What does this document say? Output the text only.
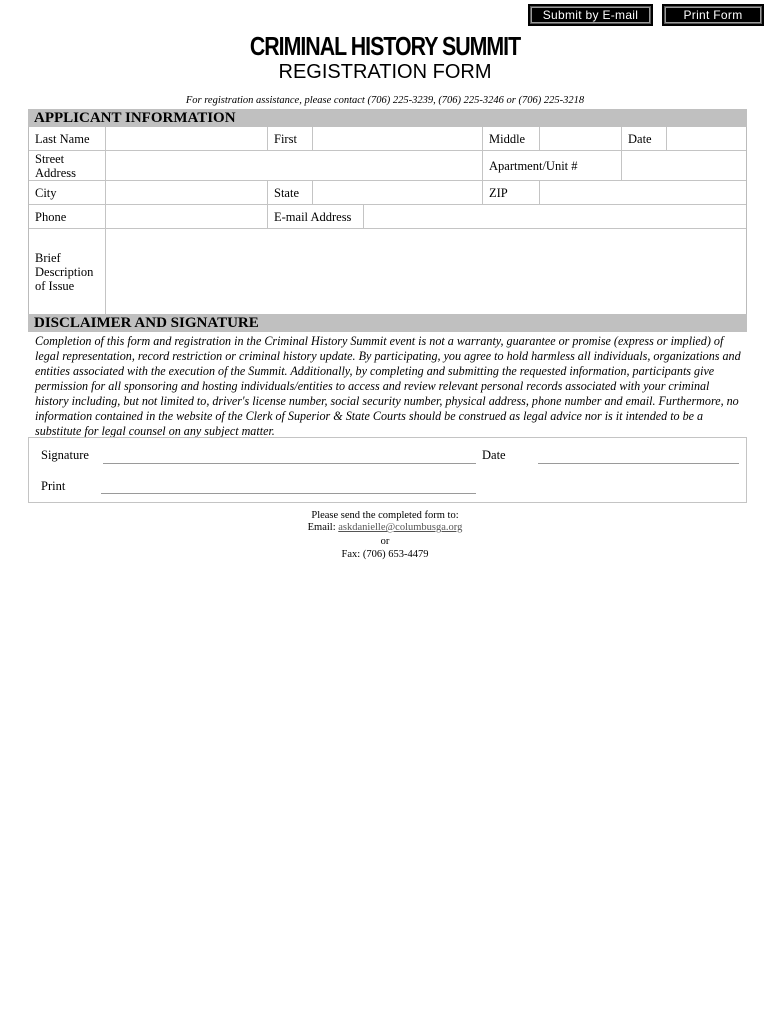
Submit by E-mail	Print Form
CRIMINAL HISTORY SUMMIT
REGISTRATION FORM
For registration assistance, please contact (706) 225-3239, (706) 225-3246 or (706) 225-3218
APPLICANT INFORMATION
Last Name	First	Middle	Date
Street
Address	Apartment/Unit #
City	State	ZIP
Phone	E-mail Address
Brief
Description
of Issue
DISCLAIMER AND SIGNATURE
Completion of this form and registration in the Criminal History Summit event is not a warranty, guarantee or promise (express or implied) of legal representation, record restriction or criminal history update. By participating, you agree to hold harmless all individuals, organizations and entities associated with the execution of the Summit. Additionally, by completing and submitting the requested information, participants give permission for all sponsoring and hosting individuals/entities to access and review relevant personal records associated with your criminal history including, but not limited to, driver's license number, social security number, physical address, phone number and email. Furthermore, no information contained in the website of the Clerk of Superior & State Courts should be construed as legal advice nor is it intended to be a substitute for legal counsel on any subject matter.
Signature	Date
Print
Please send the completed form to:
Email: askdanielle@columbusga.org
or
Fax: (706) 653-4479
